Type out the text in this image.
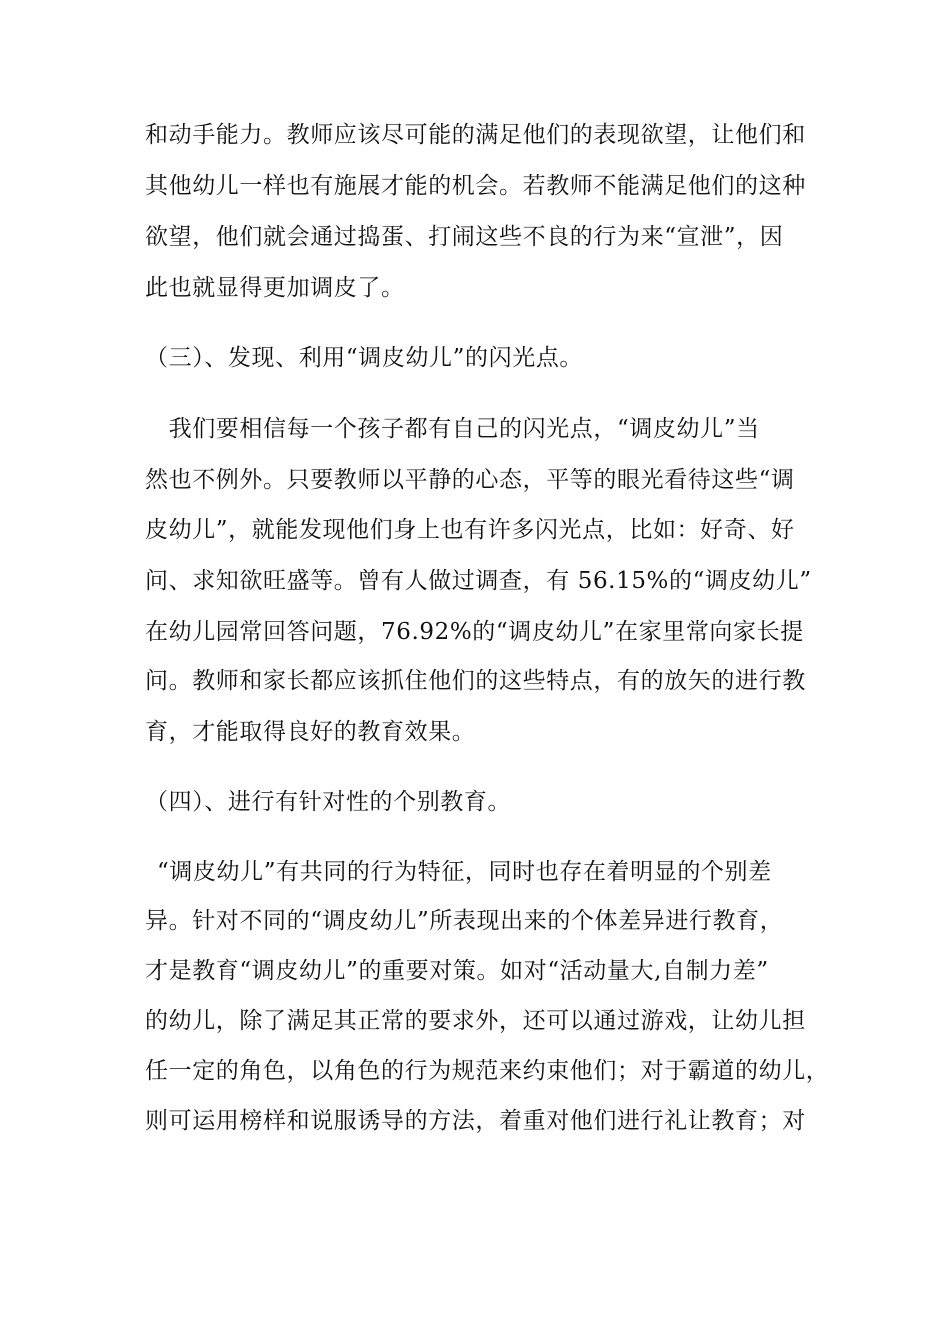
和动手能力。教师应该尽可能的满足他们的表现欲望，让他们和
其他幼儿一样也有施展才能的机会。若教师不能满足他们的这种
欲望，他们就会通过捣蛋、打闹这些不良的行为来“宣泄”，因
此也就显得更加调皮了。
（三）、发现、利用“调皮幼儿”的闪光点。
　我们要相信每一个孩子都有自己的闪光点，“调皮幼儿”当
然也不例外。只要教师以平静的心态，平等的眼光看待这些“调
皮幼儿”，就能发现他们身上也有许多闪光点，比如：好奇、好
问、求知欲旺盛等。曾有人做过调查，有 56.15%的“调皮幼儿”
在幼儿园常回答问题，76.92%的“调皮幼儿”在家里常向家长提
问。教师和家长都应该抓住他们的这些特点，有的放矢的进行教
育，才能取得良好的教育效果。
（四）、进行有针对性的个别教育。
“调皮幼儿”有共同的行为特征，同时也存在着明显的个别差
异。针对不同的“调皮幼儿”所表现出来的个体差异进行教育，
才是教育“调皮幼儿”的重要对策。如对“活动量大,自制力差”
的幼儿，除了满足其正常的要求外，还可以通过游戏，让幼儿担
任一定的角色，以角色的行为规范来约束他们；对于霸道的幼儿，
则可运用榜样和说服诱导的方法，着重对他们进行礼让教育；对
